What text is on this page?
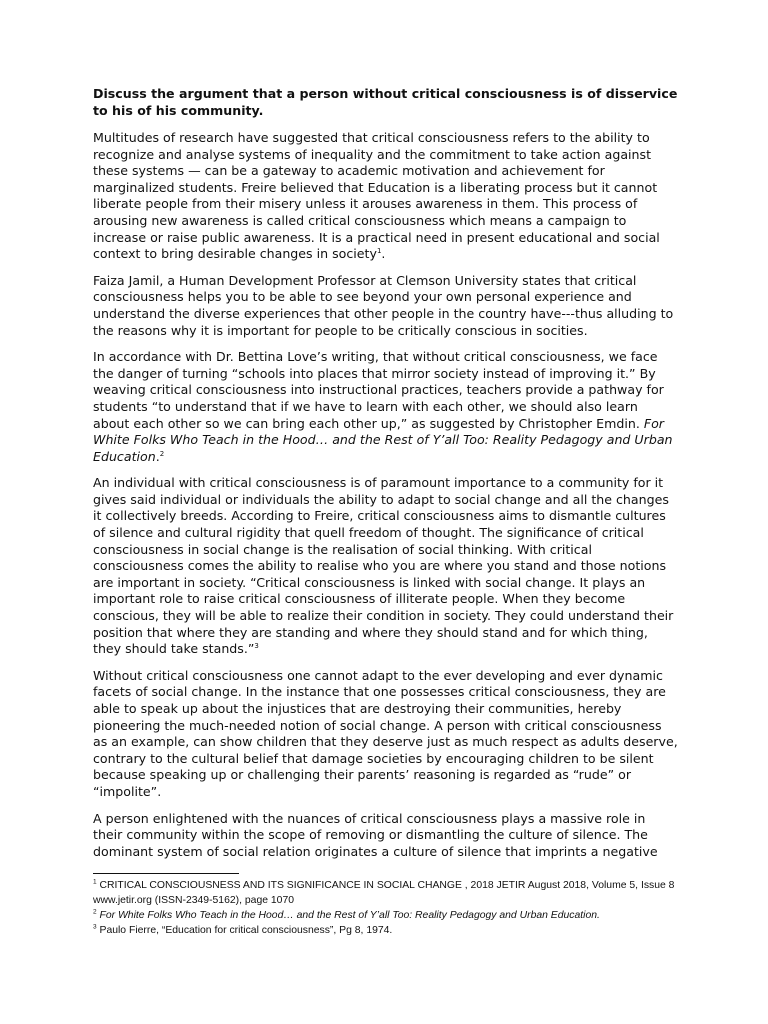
Discuss the argument that a person without critical consciousness is of disservice to his of his community.

Multitudes of research have suggested that critical consciousness refers to the ability to recognize and analyse systems of inequality and the commitment to take action against these systems — can be a gateway to academic motivation and achievement for marginalized students. Freire believed that Education is a liberating process but it cannot liberate people from their misery unless it arouses awareness in them. This process of arousing new awareness is called critical consciousness which means a campaign to increase or raise public awareness. It is a practical need in present educational and social context to bring desirable changes in society$^1$.

Faiza Jamil, a Human Development Professor at Clemson University states that critical consciousness helps you to be able to see beyond your own personal experience and understand the diverse experiences that other people in the country have---thus alluding to the reasons why it is important for people to be critically conscious in socities.

In accordance with Dr. Bettina Love’s writing, that without critical consciousness, we face the danger of turning “schools into places that mirror society instead of improving it.” By weaving critical consciousness into instructional practices, teachers provide a pathway for students “to understand that if we have to learn with each other, we should also learn about each other so we can bring each other up,” as suggested by Christopher Emdin. For White Folks Who Teach in the Hood… and the Rest of Y’all Too: Reality Pedagogy and Urban Education.$^2$

An individual with critical consciousness is of paramount importance to a community for it gives said individual or individuals the ability to adapt to social change and all the changes it collectively breeds. According to Freire, critical consciousness aims to dismantle cultures of silence and cultural rigidity that quell freedom of thought. The significance of critical consciousness in social change is the realisation of social thinking. With critical consciousness comes the ability to realise who you are where you stand and those notions are important in society. “Critical consciousness is linked with social change. It plays an important role to raise critical consciousness of illiterate people. When they become conscious, they will be able to realize their condition in society. They could understand their position that where they are standing and where they should stand and for which thing, they should take stands.”$^3$

Without critical consciousness one cannot adapt to the ever developing and ever dynamic facets of social change. In the instance that one possesses critical consciousness, they are able to speak up about the injustices that are destroying their communities, hereby pioneering the much-needed notion of social change. A person with critical consciousness as an example, can show children that they deserve just as much respect as adults deserve, contrary to the cultural belief that damage societies by encouraging children to be silent because speaking up or challenging their parents’ reasoning is regarded as “rude” or “impolite”.

A person enlightened with the nuances of critical consciousness plays a massive role in their community within the scope of removing or dismantling the culture of silence. The dominant system of social relation originates a culture of silence that imprints a negative

$^1$ CRITICAL CONSCIOUSNESS AND ITS SIGNIFICANCE IN SOCIAL CHANGE , 2018 JETIR August 2018, Volume 5, Issue 8 www.jetir.org (ISSN-2349-5162), page 1070

$^2$ For White Folks Who Teach in the Hood… and the Rest of Y’all Too: Reality Pedagogy and Urban Education.

$^3$ Paulo Fierre, “Education for critical consciousness”, Pg 8, 1974.
